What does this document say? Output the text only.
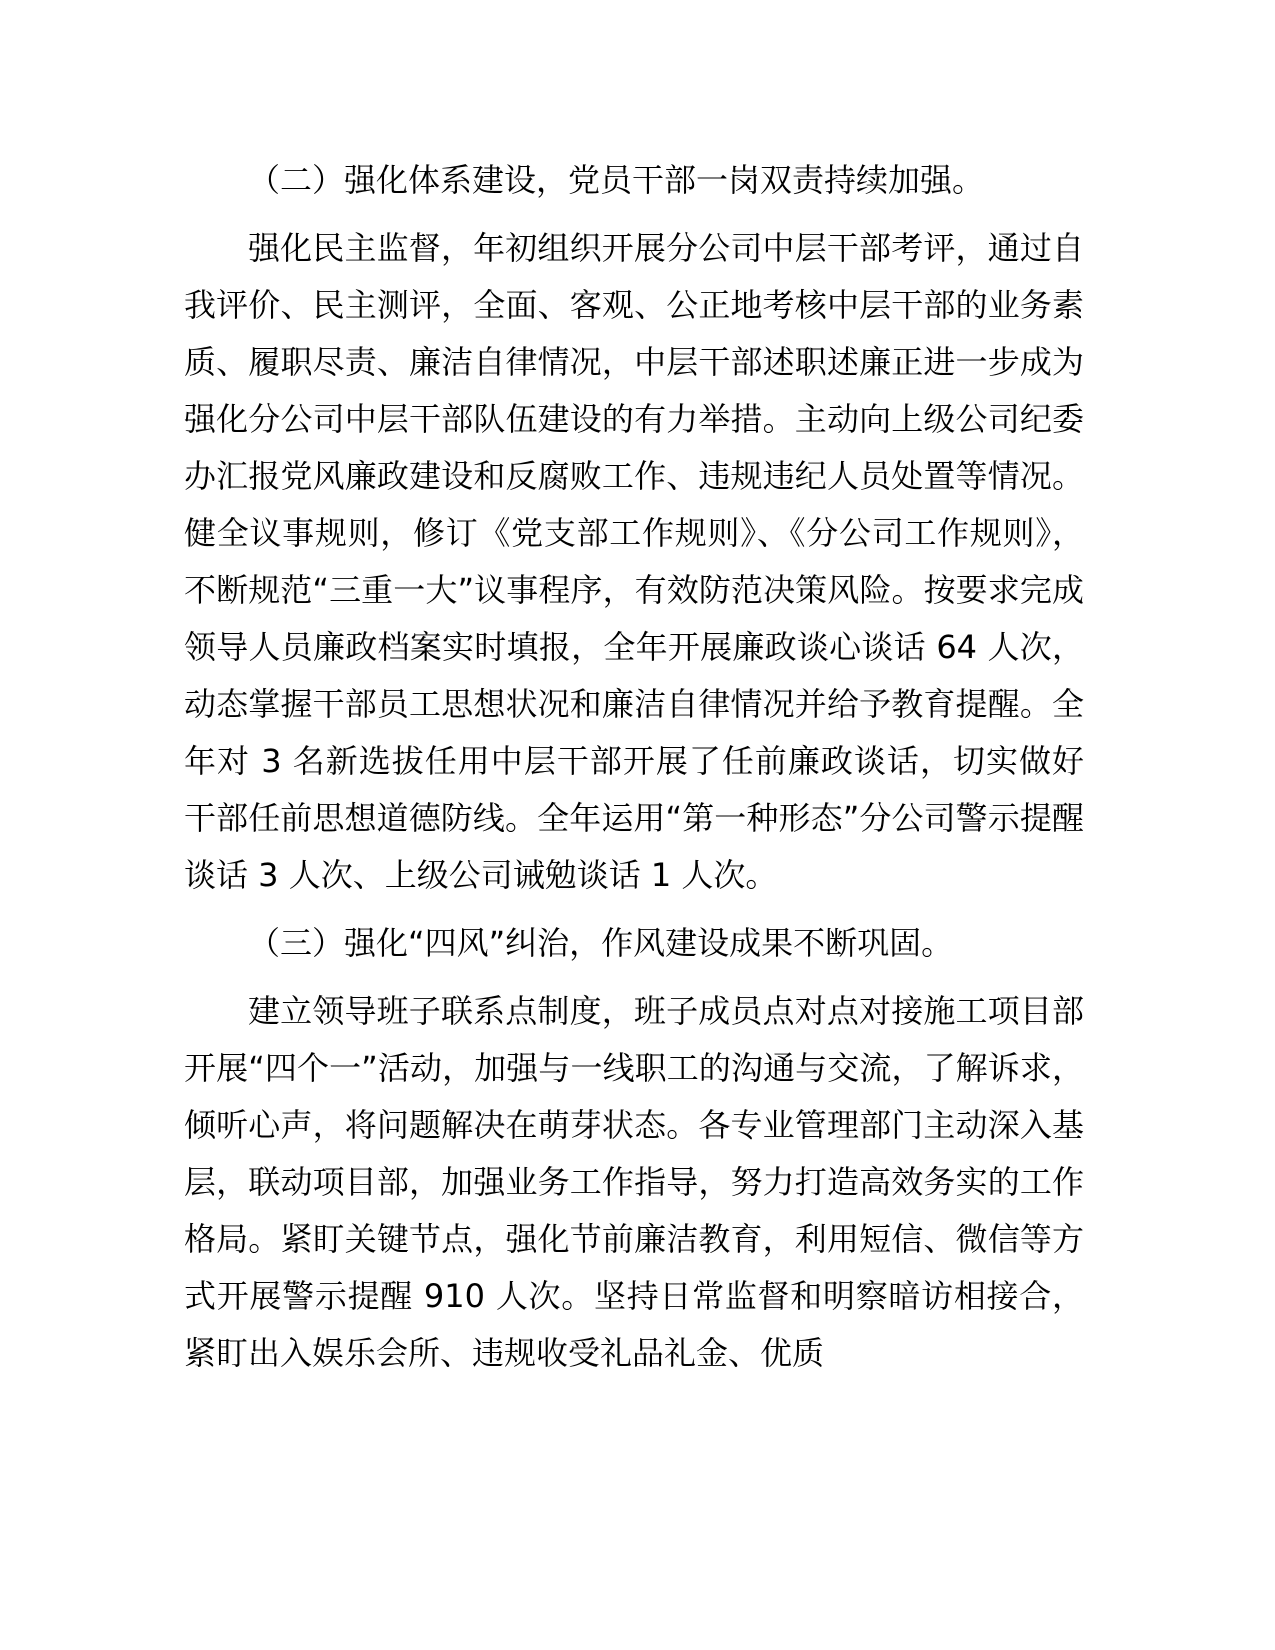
（二）强化体系建设，党员干部一岗双责持续加强。

强化民主监督，年初组织开展分公司中层干部考评，通过自我评价、民主测评，全面、客观、公正地考核中层干部的业务素质、履职尽责、廉洁自律情况，中层干部述职述廉正进一步成为强化分公司中层干部队伍建设的有力举措。主动向上级公司纪委办汇报党风廉政建设和反腐败工作、违规违纪人员处置等情况。健全议事规则，修订《党支部工作规则》、《分公司工作规则》，不断规范“三重一大”议事程序，有效防范决策风险。按要求完成领导人员廉政档案实时填报，全年开展廉政谈心谈话 64 人次，动态掌握干部员工思想状况和廉洁自律情况并给予教育提醒。全年对 3 名新选拔任用中层干部开展了任前廉政谈话，切实做好干部任前思想道德防线。全年运用“第一种形态”分公司警示提醒谈话 3 人次、上级公司诫勉谈话 1 人次。

（三）强化“四风”纠治，作风建设成果不断巩固。

建立领导班子联系点制度，班子成员点对点对接施工项目部开展“四个一”活动，加强与一线职工的沟通与交流，了解诉求，倾听心声，将问题解决在萌芽状态。各专业管理部门主动深入基层，联动项目部，加强业务工作指导，努力打造高效务实的工作格局。紧盯关键节点，强化节前廉洁教育，利用短信、微信等方式开展警示提醒 910 人次。坚持日常监督和明察暗访相接合，紧盯出入娱乐会所、违规收受礼品礼金、优质
